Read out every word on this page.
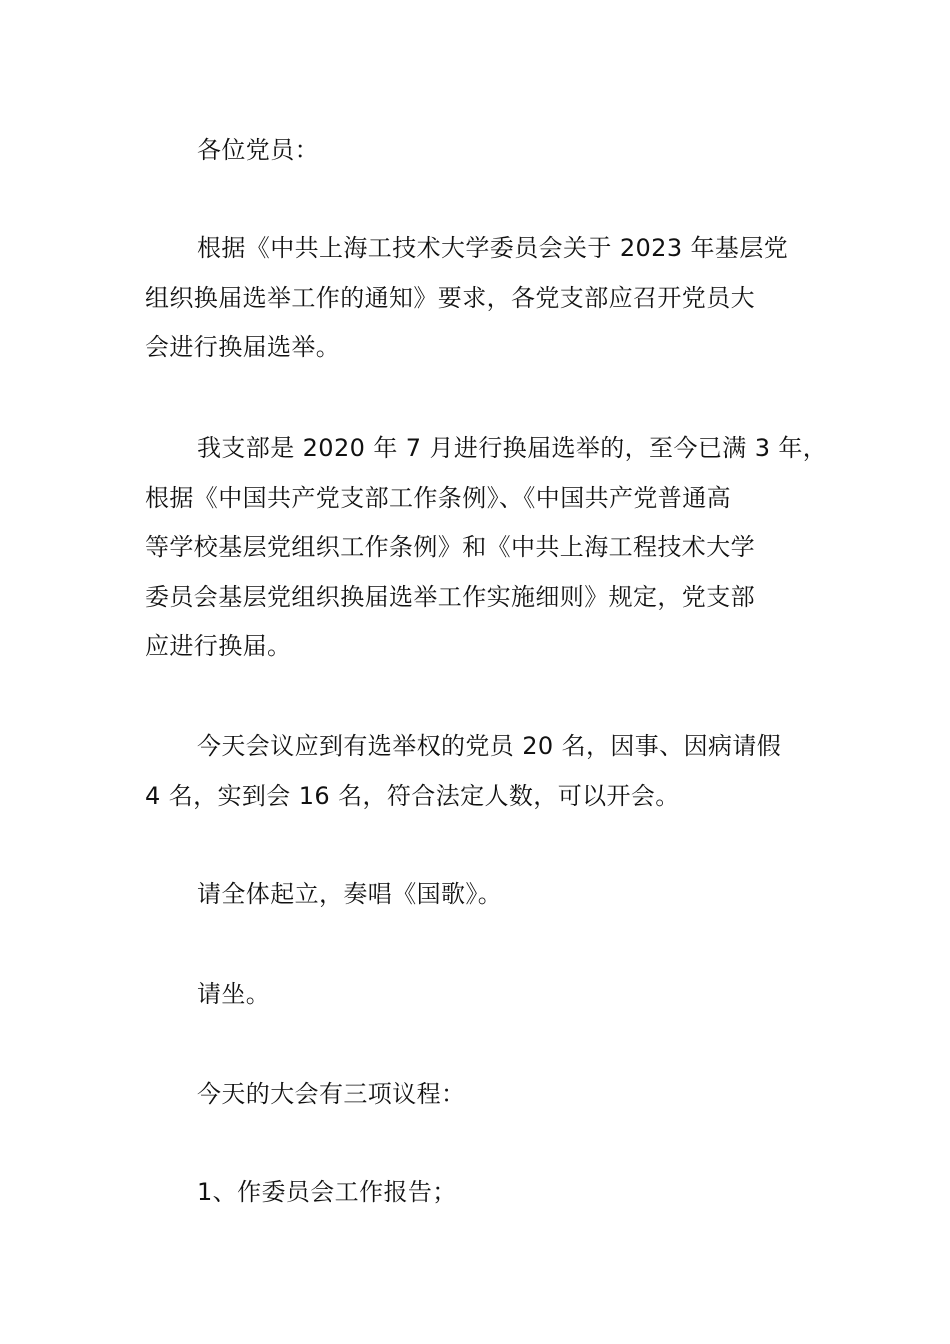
各位党员：

根据《中共上海工技术大学委员会关于 2023 年基层党
组织换届选举工作的通知》要求，各党支部应召开党员大
会进行换届选举。

我支部是 2020 年 7 月进行换届选举的，至今已满 3 年，
根据《中国共产党支部工作条例》、《中国共产党普通高
等学校基层党组织工作条例》和《中共上海工程技术大学
委员会基层党组织换届选举工作实施细则》规定，党支部
应进行换届。

今天会议应到有选举权的党员 20 名，因事、因病请假
4 名，实到会 16 名，符合法定人数，可以开会。

请全体起立，奏唱《国歌》。

请坐。

今天的大会有三项议程：

1、作委员会工作报告；
